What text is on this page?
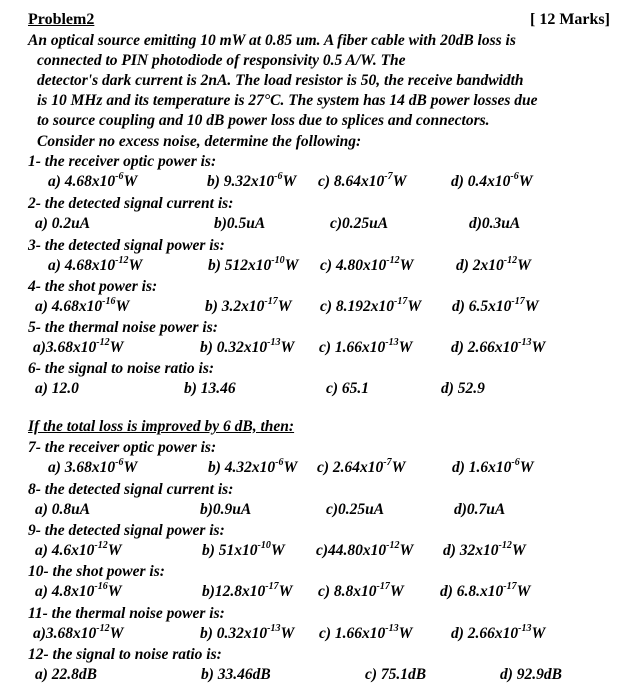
Problem2	[ 12 Marks]
An optical source emitting 10 mW at 0.85 um. A fiber cable with 20dB loss is
connected to PIN photodiode of responsivity 0.5 A/W. The
detector's dark current is 2nA. The load resistor is 50, the receive bandwidth
is 10 MHz and its temperature is 27°C. The system has 14 dB power losses due
to source coupling and 10 dB power loss due to splices and connectors.
Consider no excess noise, determine the following:
If the total loss is improved by 6 dB, then:
1- the receiver optic power is:
a) $4.68x10^{-6}W$	b) $9.32x10^{-6}W$ c) $8.64x10^{-7}W$	d) $0.4x10^{-6}W$
2- the detected signal current is:
a) 0.2uA	b)0.5uA	c)0.25uA	d)0.3uA
3- the detected signal power is:
a) $4.68x10^{-12}W$	b) $512x10^{-10}W$ c) $4.80x10^{-12}W$	d) $2x10^{-12}W$
4- the shot power is:
a) $4.68x10^{-16}W$	b) $3.2x10^{-17}W$ c) $8.192x10^{-17}W$ d) $6.5x10^{-17}W$
5- the thermal noise power is:
$a)3.68x10^{-12}W$	b) $0.32x10^{-13}W$ c) $1.66x10^{-13}W$ d) $2.66x10^{-13}W$
6- the signal to noise ratio is:
a) 12.0	b) 13.46	c) 65.1	d) 52.9
7- the receiver optic power is:
a) $3.68x10^{-6}W$	b) $4.32x10^{-6}W$ c) $2.64x10^{-7}W$	d) $1.6x10^{-6}W$
8- the detected signal current is:
a) 0.8uA	b)0.9uA	c)0.25uA	d)0.7uA
9- the detected signal power is:
a) $4.6x10^{-12}W$	b) $51x10^{-10}W$ $c)44.80x10^{-12}W$ d) $32x10^{-12}W$
10- the shot power is:
a) $4.8x10^{-16}W$	$b)12.8x10^{-17}W$ c) $8.8x10^{-17}W$ d) $6.8.x10^{-17}W$
11- the thermal noise power is:
$a)3.68x10^{-12}W$	b) $0.32x10^{-13}W$ c) $1.66x10^{-13}W$ d) $2.66x10^{-13}W$
12- the signal to noise ratio is:
a) 22.8dB	b) 33.46dB	c) 75.1dB	d) 92.9dB
